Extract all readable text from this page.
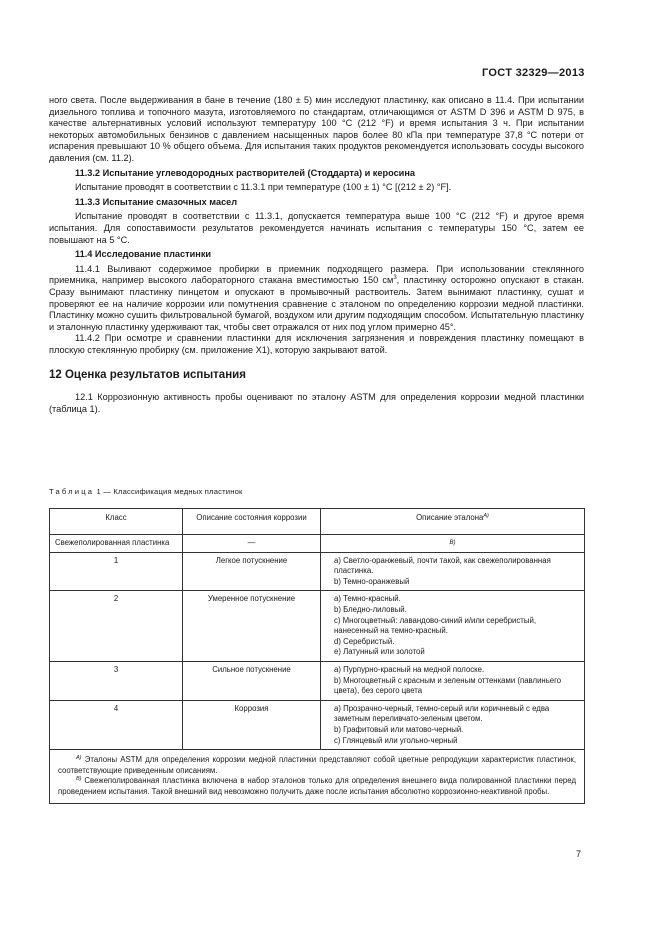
ГОСТ 32329—2013

ного света. После выдерживания в бане в течение (180 ± 5) мин исследуют пластинку, как описано в 11.4. При испытании дизельного топлива и топочного мазута, изготовляемого по стандартам, отличающимся от ASTM D 396 и ASTM D 975, в качестве альтернативных условий используют температуру 100 °С (212 °F) и время испытания 3 ч. При испытании некоторых автомобильных бензинов с давлением насыщенных паров более 80 кПа при температуре 37,8 °С потери от испарения превышают 10 % общего объема. Для испытания таких продуктов рекомендуется использовать сосуды высокого давления (см. 11.2).

11.3.2 Испытание углеводородных растворителей (Стоддарта) и керосина

Испытание проводят в соответствии с 11.3.1 при температуре (100 ± 1) °С [(212 ± 2) °F].

11.3.3 Испытание смазочных масел

Испытание проводят в соответствии с 11.3.1, допускается температура выше 100 °С (212 °F) и другое время испытания. Для сопоставимости результатов рекомендуется начинать испытания с температуры 150 °С, затем ее повышают на 5 °С.

11.4 Исследование пластинки

11.4.1 Выливают содержимое пробирки в приемник подходящего размера. При использовании стеклянного приемника, например высокого лабораторного стакана вместимостью 150 $см^3$, пластинку осторожно опускают в стакан. Сразу вынимают пластинку пинцетом и опускают в промывочный раствоитель. Затем вынимают пластинку, сушат и проверяют ее на наличие коррозии или помутнения сравнение с эталоном по определению коррозии медной пластинки. Пластинку можно сушить фильтровальной бумагой, воздухом или другим подходящим способом. Испытательную пластинку и эталонную пластинку удерживают так, чтобы свет отражался от них под углом примерно 45°.

11.4.2 При осмотре и сравнении пластинки для исключения загрязнения и повреждения пластинку помещают в плоскую стеклянную пробирку (см. приложение Х1), которую закрывают ватой.

12 Оценка результатов испытания

12.1 Коррозионную активность пробы оценивают по эталону ASTM для определения коррозии медной пластинки (таблица 1).

Таблица 1 — Классификация медных пластинок
Класс	Описание состояния коррозии	Описание эталона$^{A)}$
Свежеполированная пластинка	—	B)

1	Легкое потускнение	a) Светло-оранжевый, почти такой, как свежеполированная пластинка.
b) Темно-оранжевый

2	Умеренное потускнение	a) Темно-красный.
b) Бледно-лиловый.
c) Многоцветный: лавандово-синий и/или серебристый, нанесенный на темно-красный.
d) Серебристый.
e) Латунный или золотой

3	Сильное потускнение	a) Пурпурно-красный на медной полоске.
b) Многоцветный с красным и зеленым оттенками (павлиньего цвета), без серого цвета

4	Коррозия	a) Прозрачно-черный, темно-серый или коричневый с едва заметным переливчато-зеленым цветом.
b) Графитовый или матово-черный.
c) Глянцевый или угольно-черный

$^{A)}$ Эталоны ASTM для определения коррозии медной пластинки представляют собой цветные репродукции характеристик пластинок, соответствующие приведенным описаниям.

$^{B)}$ Свежеполированная пластинка включена в набор эталонов только для определения внешнего вида полированной пластинки перед проведением испытания. Такой внешний вид невозможно получить даже после испытания абсолютно коррозионно-неактивной пробы.		

7
